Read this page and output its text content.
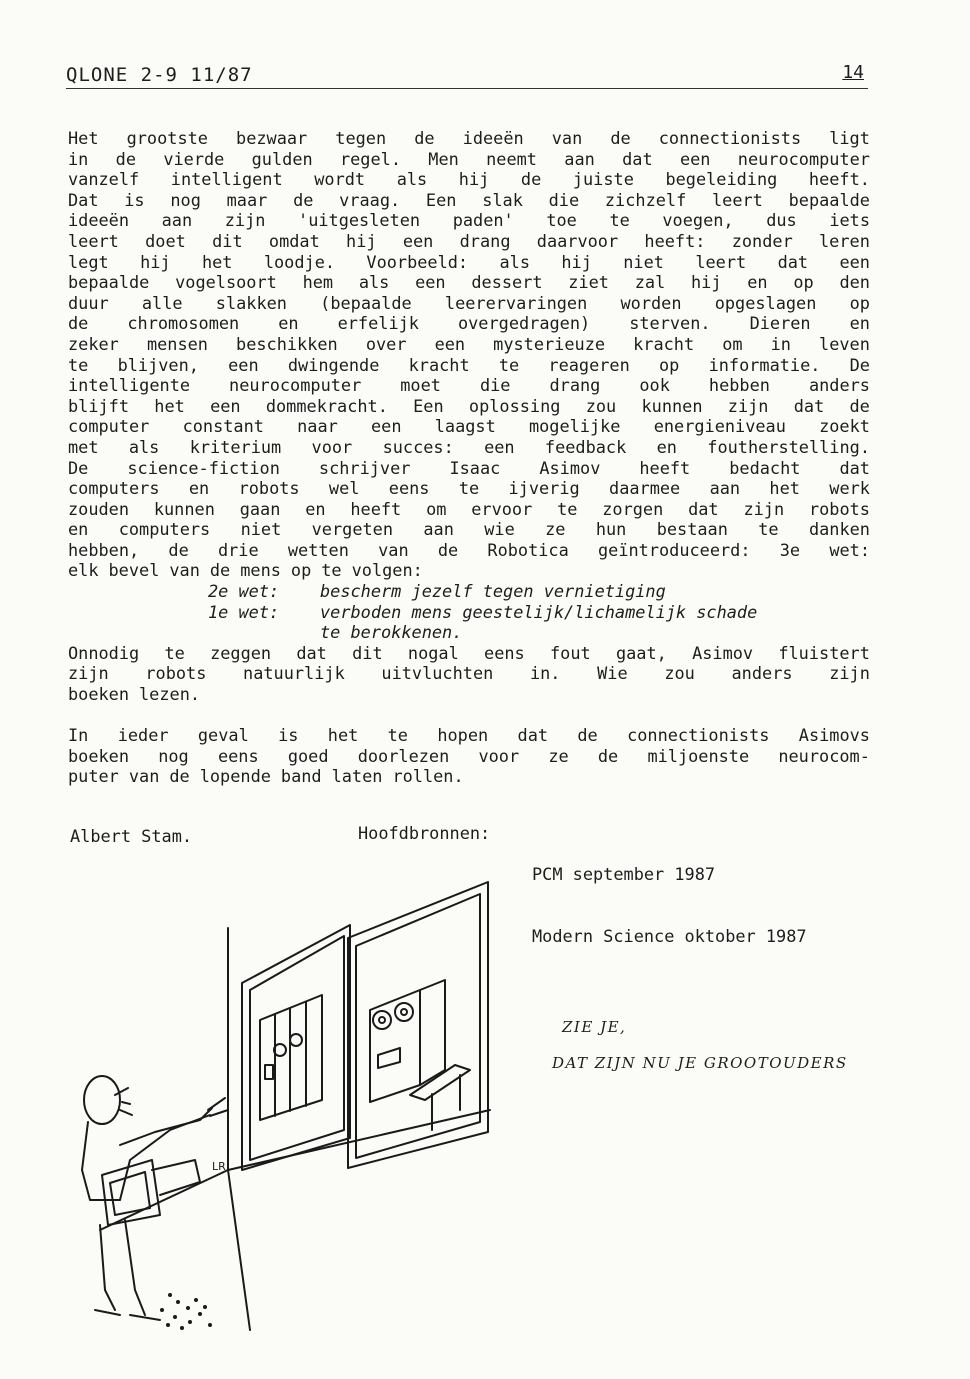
QLONE 2-9 11/87	14
Het grootste bezwaar tegen de ideeën van de connectionists ligt
in de vierde gulden regel. Men neemt aan dat een neurocomputer
vanzelf intelligent wordt als hij de juiste begeleiding heeft.
Dat is nog maar de vraag. Een slak die zichzelf leert bepaalde
ideeën aan zijn 'uitgesleten paden' toe te voegen, dus iets
leert doet dit omdat hij een drang daarvoor heeft: zonder leren
legt hij het loodje. Voorbeeld: als hij niet leert dat een
bepaalde vogelsoort hem als een dessert ziet zal hij en op den
duur alle slakken (bepaalde leerervaringen worden opgeslagen op
de chromosomen en erfelijk overgedragen) sterven. Dieren en
zeker mensen beschikken over een mysterieuze kracht om in leven
te blijven, een dwingende kracht te reageren op informatie. De
intelligente neurocomputer moet die drang ook hebben anders
blijft het een dommekracht. Een oplossing zou kunnen zijn dat de
computer constant naar een laagst mogelijke energieniveau zoekt
met als kriterium voor succes: een feedback en foutherstelling.
De science-fiction schrijver Isaac Asimov heeft bedacht dat
computers en robots wel eens te ijverig daarmee aan het werk
zouden kunnen gaan en heeft om ervoor te zorgen dat zijn robots
en computers niet vergeten aan wie ze hun bestaan te danken
hebben, de drie wetten van de Robotica geïntroduceerd: 3e wet:
elk bevel van de mens op te volgen:
2e wet: bescherm jezelf tegen vernietiging
1e wet: verboden mens geestelijk/lichamelijk schade
te berokkenen.
Onnodig te zeggen dat dit nogal eens fout gaat, Asimov fluistert
zijn robots natuurlijk uitvluchten in. Wie zou anders zijn
boeken lezen.
In ieder geval is het te hopen dat de connectionists Asimovs
boeken nog eens goed doorlezen voor ze de miljoenste neurocom-
puter van de lopende band laten rollen.
Albert Stam.	Hoofdbronnen:

PCM september 1987

Modern Science oktober 1987

LR
ZIE JE,
DAT ZIJN NU JE GROOTOUDERS
